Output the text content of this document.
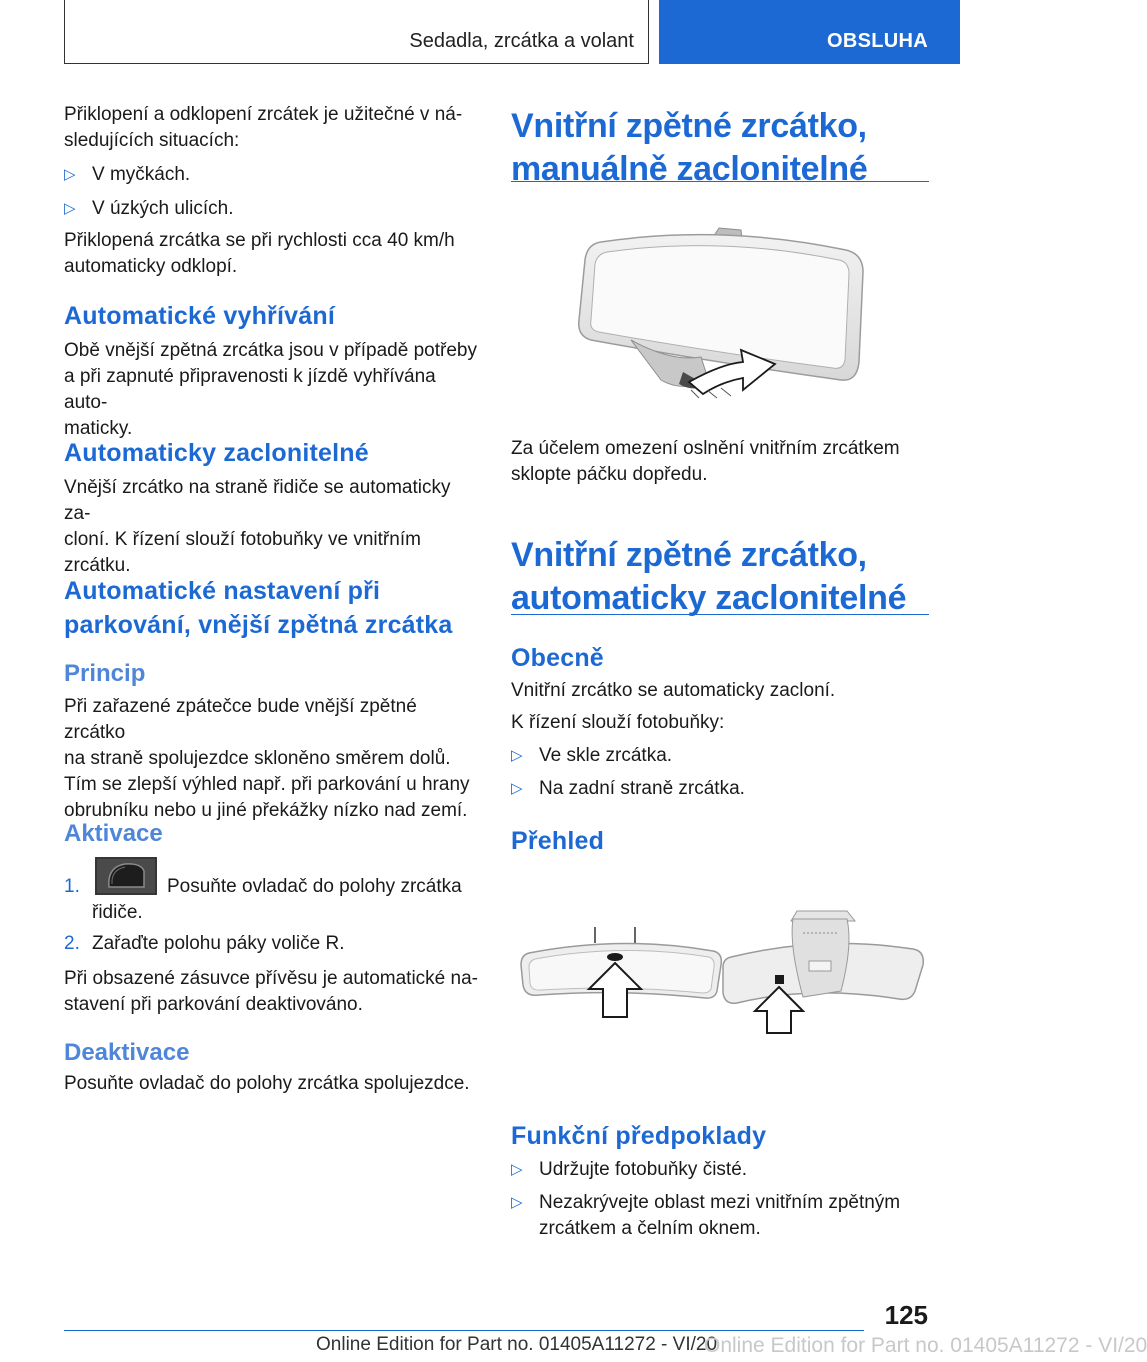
Sedadla, zrcátka a volant	OBSLUHA

Přiklopení a odklopení zrcátek je užitečné v ná-
sledujících situacích:

▷ V myčkách.
▷ V úzkých ulicích.

Přiklopená zrcátka se při rychlosti cca 40 km/h
automaticky odklopí.

Automatické vyhřívání

Obě vnější zpětná zrcátka jsou v případě potřeby
a při zapnuté připravenosti k jízdě vyhřívána auto-
maticky.

Automaticky zaclonitelné

Vnější zrcátko na straně řidiče se automaticky za-
cloní. K řízení slouží fotobuňky ve vnitřním
zrcátku.

Automatické nastavení při
parkování, vnější zpětná zrcátka
Princip

Při zařazené zpátečce bude vnější zpětné zrcátko
na straně spolujezdce skloněno směrem dolů.
Tím se zlepší výhled např. při parkování u hrany
obrubníku nebo u jiné překážky nízko nad zemí.

Aktivace
1.	Posuňte ovladač do polohy zrcátka
řidiče.
2. Zařaďte polohu páky voliče R.

Při obsazené zásuvce přívěsu je automatické na-
stavení při parkování deaktivováno.

Deaktivace

Posuňte ovladač do polohy zrcátka spolujezdce.

Vnitřní zpětné zrcátko,
manuálně zaclonitelné

Za účelem omezení oslnění vnitřním zrcátkem
sklopte páčku dopředu.

Vnitřní zpětné zrcátko,
automaticky zaclonitelné
Obecně

Vnitřní zrcátko se automaticky zacloní.

K řízení slouží fotobuňky:

▷ Ve skle zrcátka.
▷ Na zadní straně zrcátka.
Přehled
Funkční předpoklady
▷ Udržujte fotobuňky čisté.
▷ Nezakrývejte oblast mezi vnitřním zpětným
zrcátkem a čelním oknem.
125
Online Edition for Part no. 01405A11272 - VI/20
Online Edition for Part no. 01405A11272 - VI/20
